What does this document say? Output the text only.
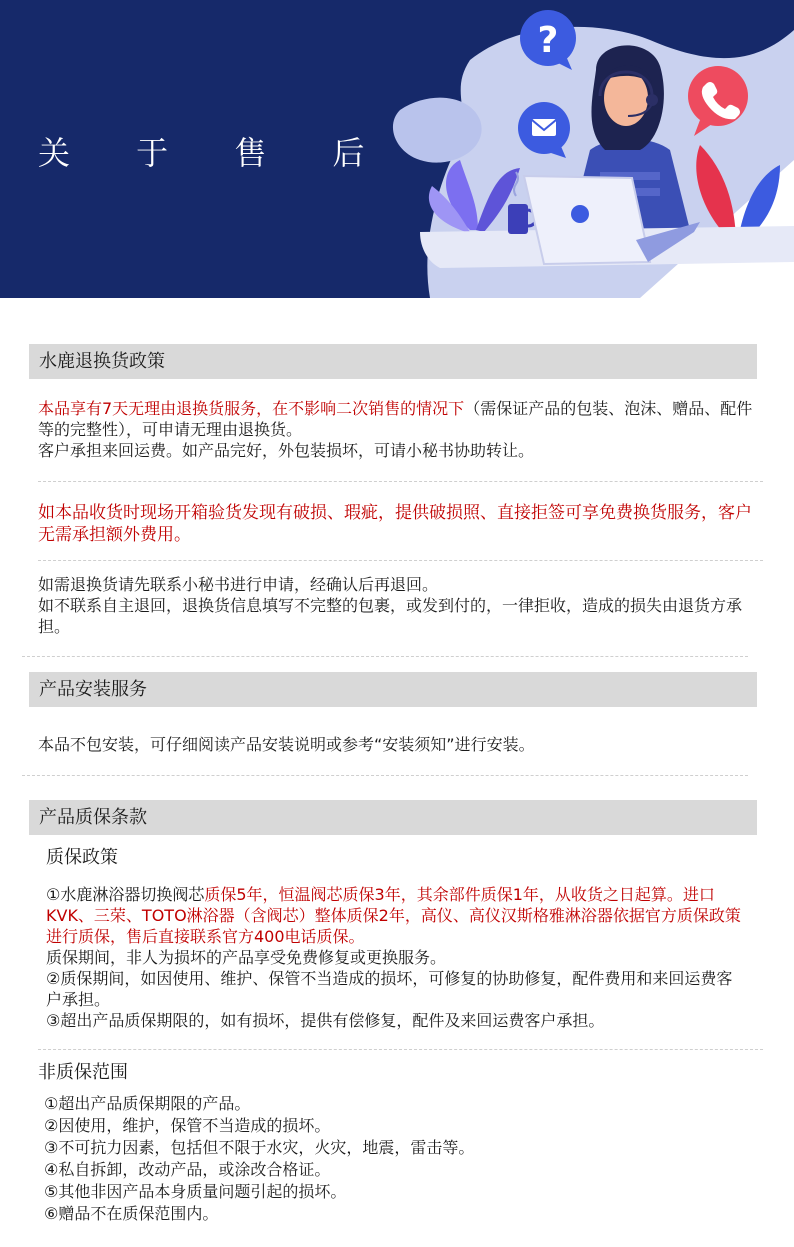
?
关 于 售 后
水鹿退换货政策
本品享有7天无理由退换货服务，在不影响二次销售的情况下（需保证产品的包装、泡沫、赠品、配件等的完整性），可申请无理由退换货。
客户承担来回运费。如产品完好，外包装损坏，可请小秘书协助转让。
如本品收货时现场开箱验货发现有破损、瑕疵，提供破损照、直接拒签可享免费换货服务，客户无需承担额外费用。
如需退换货请先联系小秘书进行申请，经确认后再退回。
如不联系自主退回，退换货信息填写不完整的包裹，或发到付的，一律拒收，造成的损失由退货方承担。
产品安装服务
本品不包安装，可仔细阅读产品安装说明或参考“安装须知”进行安装。
产品质保条款
质保政策
①水鹿淋浴器切换阀芯质保5年，恒温阀芯质保3年，其余部件质保1年，从收货之日起算。进口KVK、三荣、TOTO淋浴器（含阀芯）整体质保2年，高仪、高仪汉斯格雅淋浴器依据官方质保政策进行质保，售后直接联系官方400电话质保。
质保期间，非人为损坏的产品享受免费修复或更换服务。
②质保期间，如因使用、维护、保管不当造成的损坏，可修复的协助修复，配件费用和来回运费客户承担。
③超出产品质保期限的，如有损坏，提供有偿修复，配件及来回运费客户承担。
非质保范围
①超出产品质保期限的产品。
②因使用，维护，保管不当造成的损坏。
③不可抗力因素，包括但不限于水灾，火灾，地震，雷击等。
④私自拆卸，改动产品，或涂改合格证。
⑤其他非因产品本身质量问题引起的损坏。
⑥赠品不在质保范围内。
